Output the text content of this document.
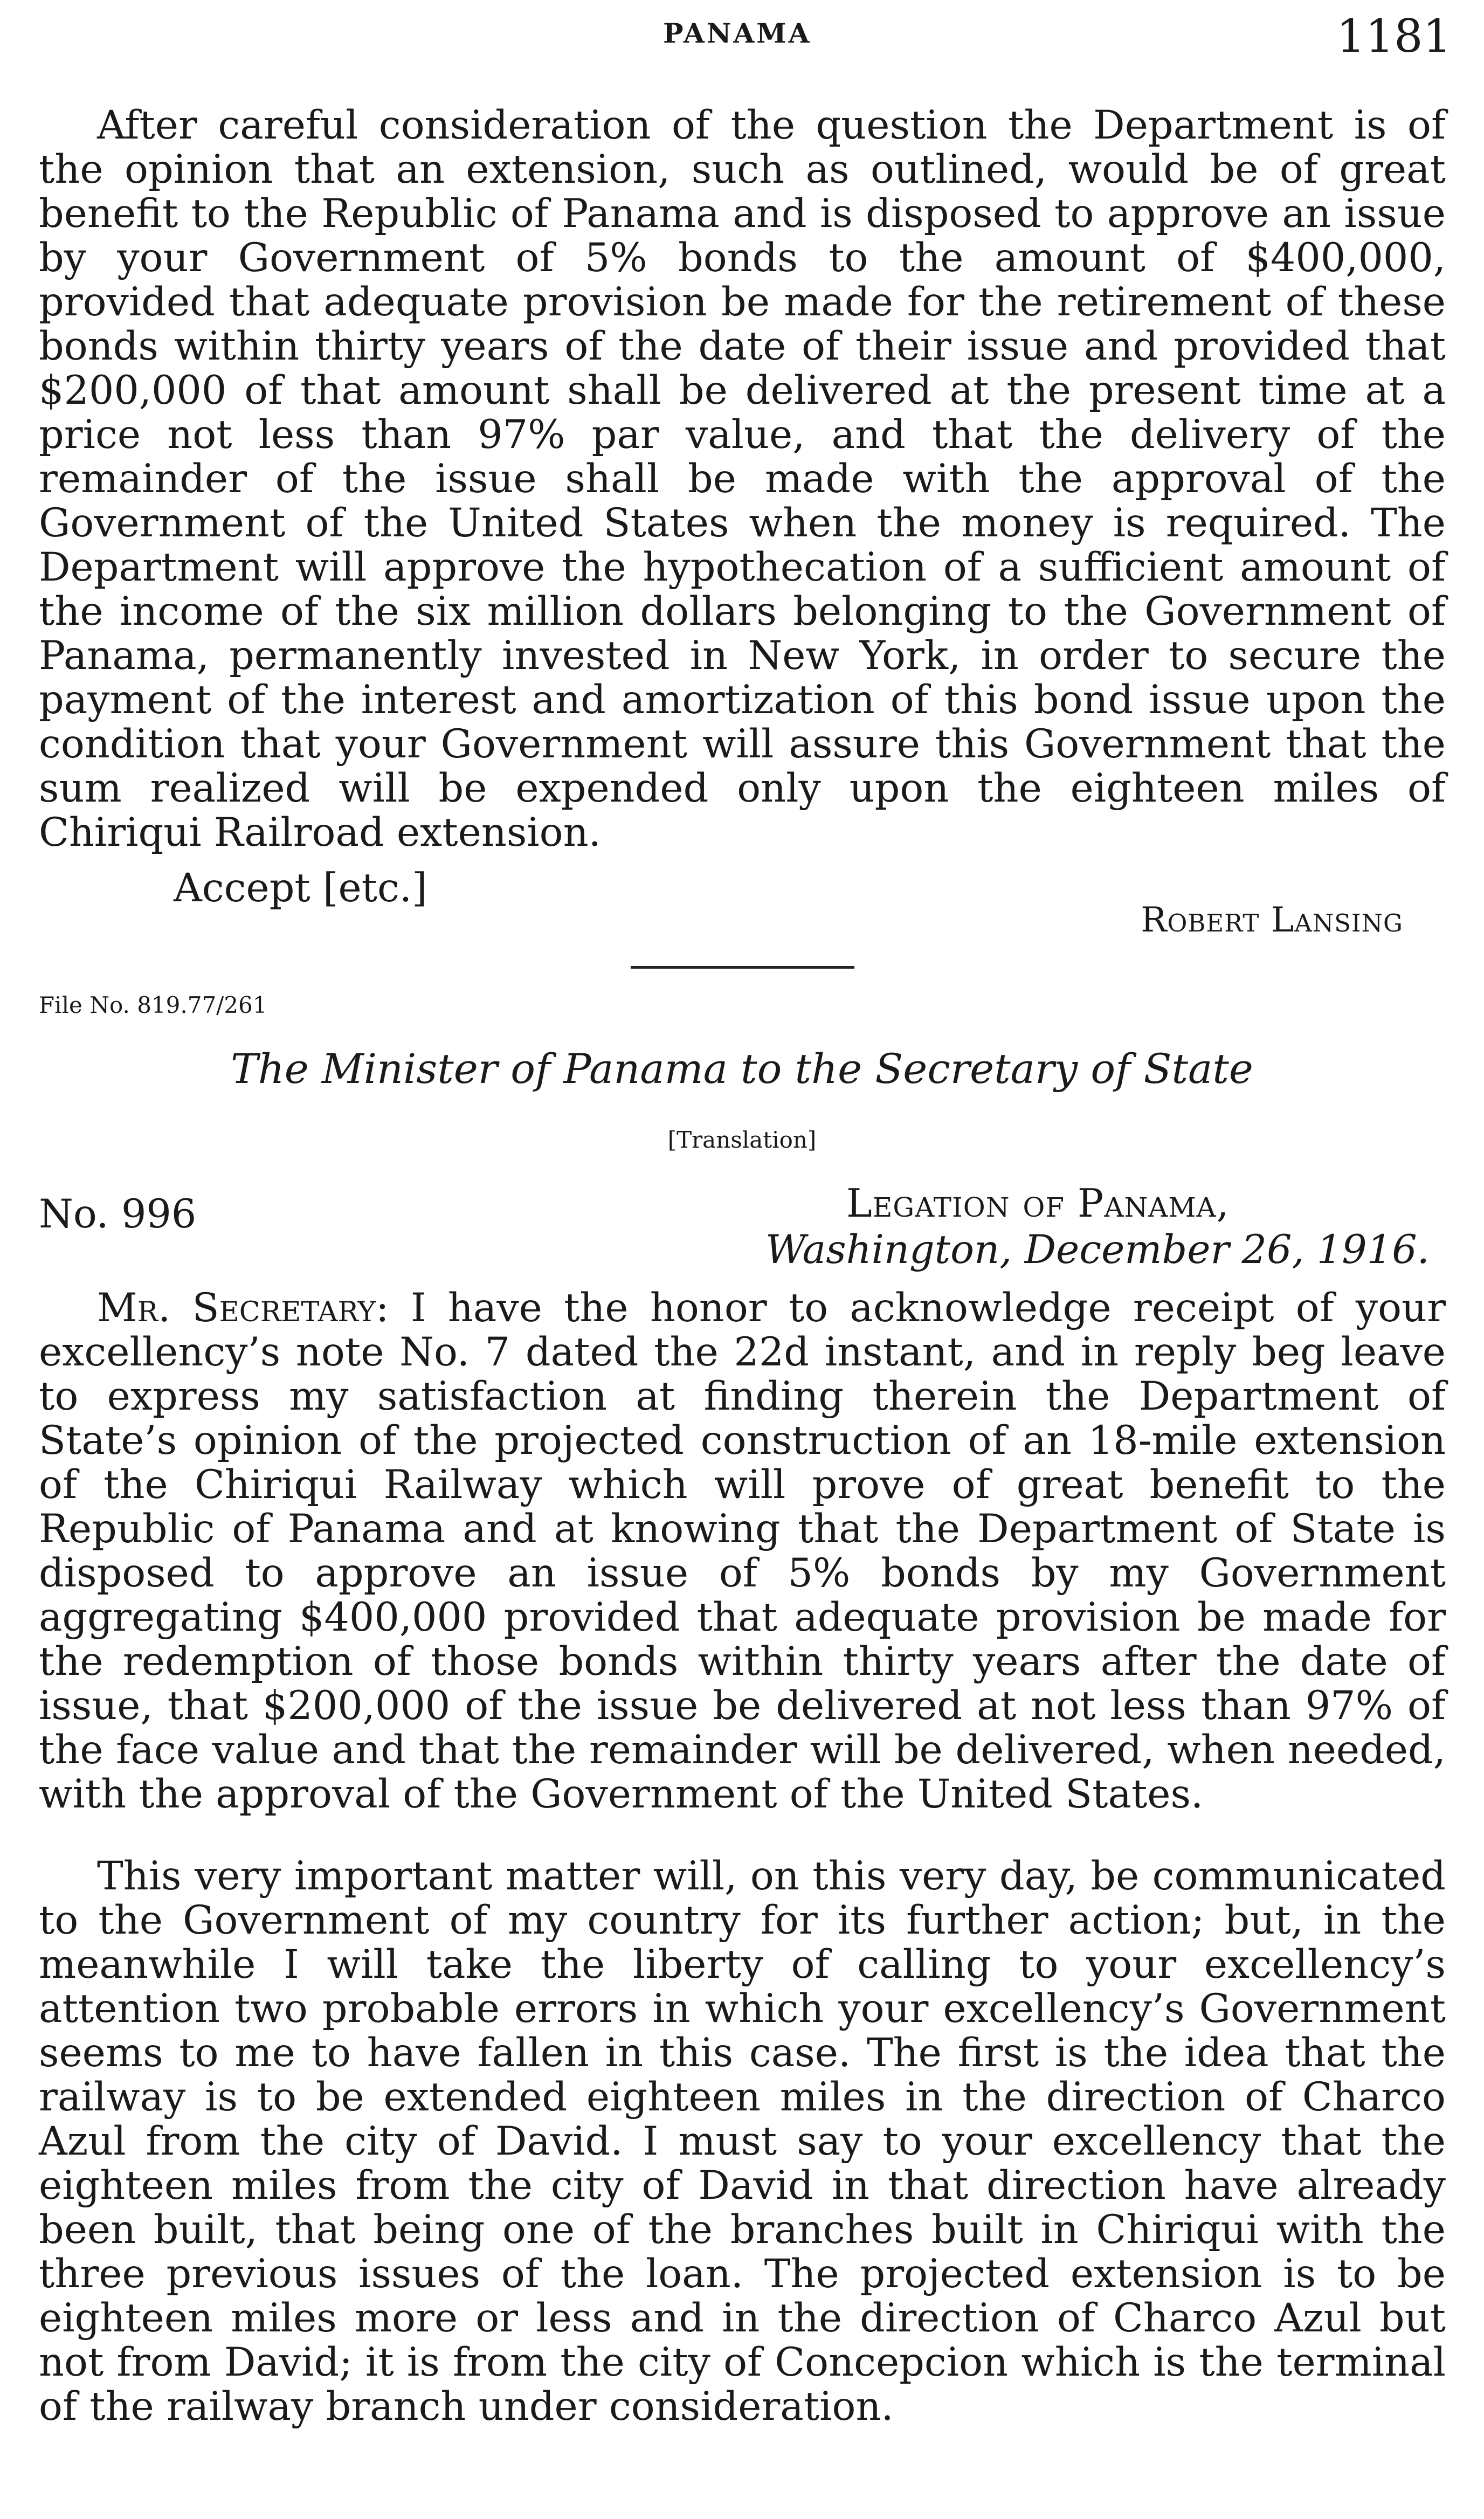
PANAMA	1181

After careful consideration of the question the Department is of the opinion that an extension, such as outlined, would be of great benefit to the Republic of Panama and is disposed to approve an issue by your Government of 5% bonds to the amount of $400,000, provided that adequate provision be made for the retirement of these bonds within thirty years of the date of their issue and provided that $200,000 of that amount shall be delivered at the present time at a price not less than 97% par value, and that the delivery of the remainder of the issue shall be made with the approval of the Government of the United States when the money is required. The Department will approve the hypothecation of a sufficient amount of the income of the six million dollars belonging to the Government of Panama, permanently invested in New York, in order to secure the payment of the interest and amortization of this bond issue upon the condition that your Government will assure this Government that the sum realized will be expended only upon the eighteen miles of Chiriqui Railroad extension.

Accept [etc.]
Robert Lansing
File No. 819.77/261
The Minister of Panama to the Secretary of State
[Translation]
No. 996	Legation of Panama,
Washington, December 26, 1916.

Mr. Secretary: I have the honor to acknowledge receipt of your excellency’s note No. 7 dated the 22d instant, and in reply beg leave to express my satisfaction at finding therein the Department of State’s opinion of the projected construction of an 18-mile extension of the Chiriqui Railway which will prove of great benefit to the Republic of Panama and at knowing that the Department of State is disposed to approve an issue of 5% bonds by my Government aggregating $400,000 provided that adequate provision be made for the redemption of those bonds within thirty years after the date of issue, that $200,000 of the issue be delivered at not less than 97% of the face value and that the remainder will be delivered, when needed, with the approval of the Government of the United States.

This very important matter will, on this very day, be communicated to the Government of my country for its further action; but, in the meanwhile I will take the liberty of calling to your excellency’s attention two probable errors in which your excellency’s Government seems to me to have fallen in this case. The first is the idea that the railway is to be extended eighteen miles in the direction of Charco Azul from the city of David. I must say to your excellency that the eighteen miles from the city of David in that direction have already been built, that being one of the branches built in Chiriqui with the three previous issues of the loan. The projected extension is to be eighteen miles more or less and in the direction of Charco Azul but not from David; it is from the city of Concepcion which is the terminal of the railway branch under consideration.
